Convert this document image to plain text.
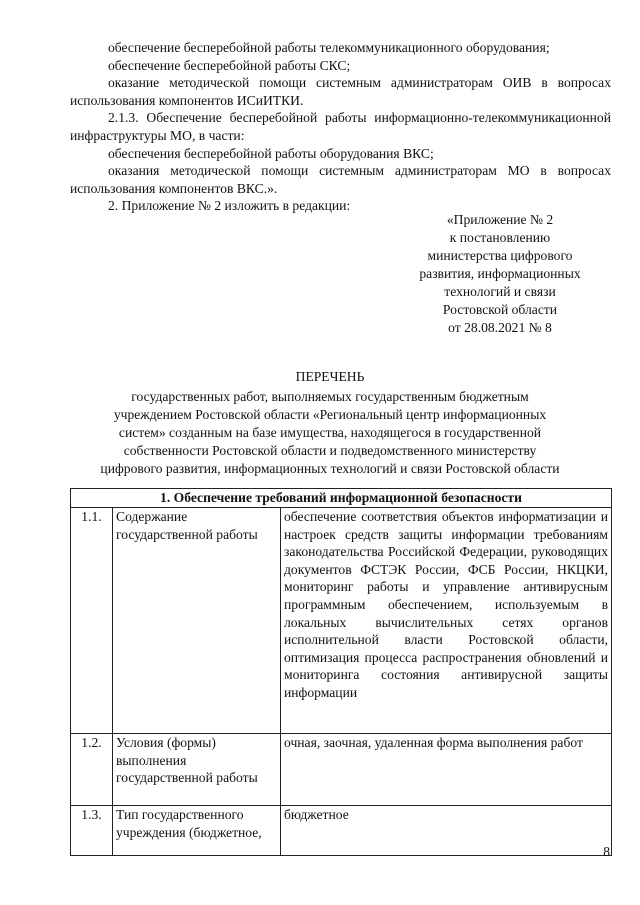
обеспечение бесперебойной работы телекоммуникационного оборудования;

обеспечение бесперебойной работы СКС;

оказание методической помощи системным администраторам ОИВ в вопросах использования компонентов ИСиИТКИ.

2.1.3. Обеспечение бесперебойной работы информационно-телекоммуникационной инфраструктуры МО, в части:

обеспечения бесперебойной работы оборудования ВКС;

оказания методической помощи системным администраторам МО в вопросах использования компонентов ВКС.».

2. Приложение № 2 изложить в редакции:

«Приложение № 2
к постановлению
министерства цифрового
развития, информационных
технологий и связи
Ростовской области
от 28.08.2021 № 8
ПЕРЕЧЕНЬ
государственных работ, выполняемых государственным бюджетным
учреждением Ростовской области «Региональный центр информационных
систем» созданным на базе имущества, находящегося в государственной
собственности Ростовской области и подведомственного министерству
цифрового развития, информационных технологий и связи Ростовской области
1. Обеспечение требований информационной безопасности		
1.1.	Содержание государственной работы	обеспечение соответствия объектов информатизации и настроек средств защиты информации требованиям законодательства Российской Федерации, руководящих документов ФСТЭК России, ФСБ России, НКЦКИ, мониторинг работы и управление антивирусным программным обеспечением, используемым в локальных вычислительных сетях органов исполнительной власти Ростовской области, оптимизация процесса распространения обновлений и мониторинга состояния антивирусной защиты информации
1.2.	Условия (формы) выполнения государственной работы	очная, заочная, удаленная форма выполнения работ
1.3.	Тип государственного учреждения (бюджетное,	бюджетное
8
